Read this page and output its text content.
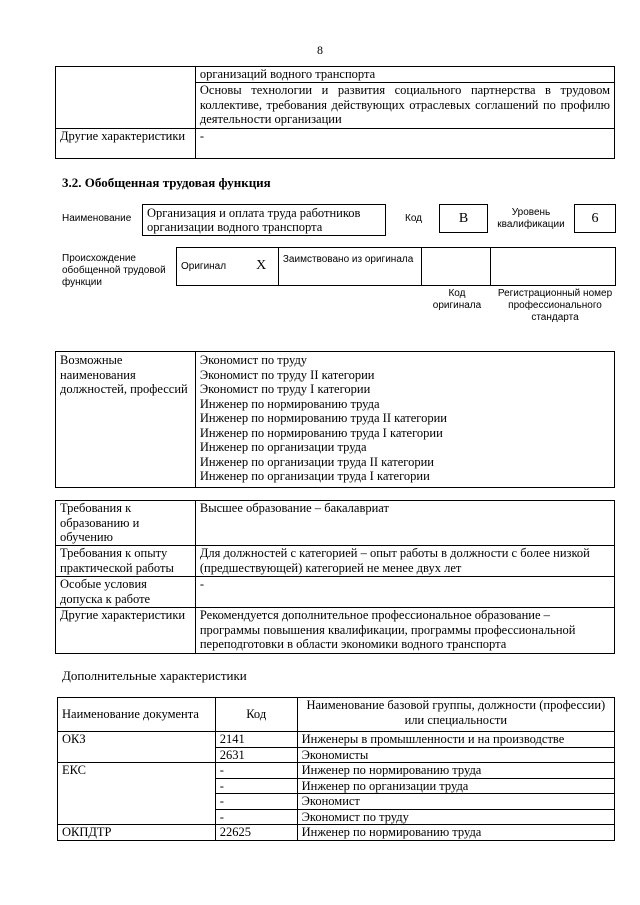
8
	организаций водного транспорта
	Основы технологии и развития социального партнерства в трудовом коллективе, требования действующих отраслевых соглашений по профилю деятельности организации
Другие характеристики	-
3.2. Обобщенная трудовая функция
Наименование	Организация и оплата труда работников организации водного транспорта
Код	B	Уровень квалификации	6
Происхождение обобщенной трудовой функции
Оригинал	X	Заимствовано из оригинала		
Код оригинала
Регистрационный номер профессионального стандарта
Возможные наименования должностей, профессий	
Экономист по труду
Экономист по труду II категории
Экономист по труду I категории
Инженер по нормированию труда
Инженер по нормированию труда II категории
Инженер по нормированию труда I категории
Инженер по организации труда
Инженер по организации труда II категории
Инженер по организации труда I категории
Требования к образованию и обучению	Высшее образование – бакалавриат
Требования к опыту практической работы	Для должностей с категорией – опыт работы в должности с более низкой (предшествующей) категорией не менее двух лет
Особые условия допуска к работе	-
Другие характеристики	Рекомендуется дополнительное профессиональное образование – программы повышения квалификации, программы профессиональной переподготовки в области экономики водного транспорта
Дополнительные характеристики
Наименование документа	Код	Наименование базовой группы, должности (профессии) или специальности
ОКЗ	2141	Инженеры в промышленности и на производстве
	2631	Экономисты
ЕКС	-	Инженер по нормированию труда
	-	Инженер по организации труда
	-	Экономист
	-	Экономист по труду
ОКПДТР	22625	Инженер по нормированию труда
